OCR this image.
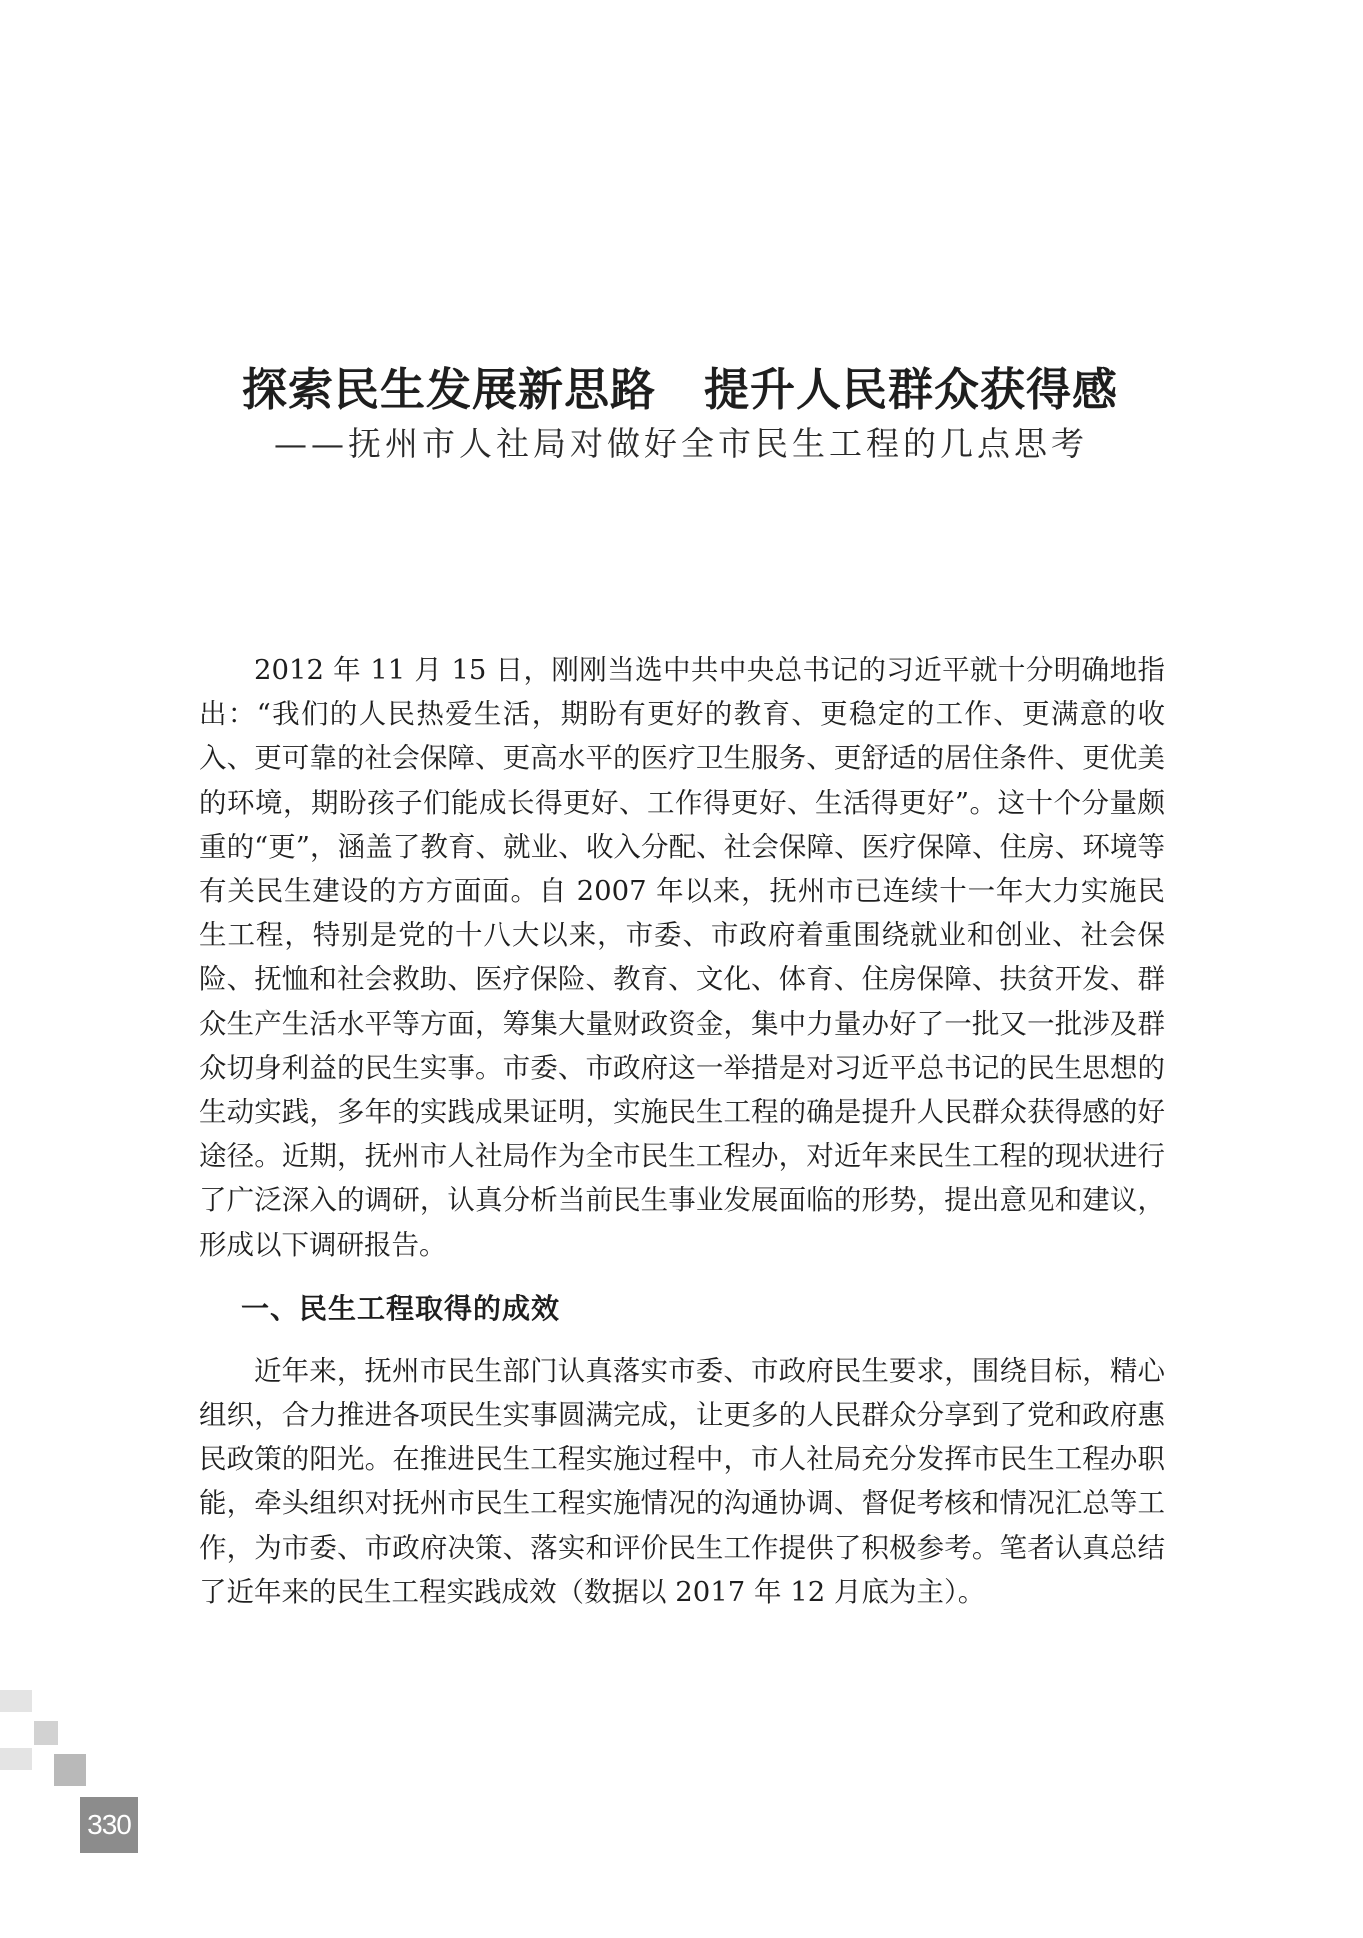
探索民生发展新思路 提升人民群众获得感

——抚州市人社局对做好全市民生工程的几点思考

2012 年 11 月 15 日，刚刚当选中共中央总书记的习近平就十分明确地指出：“我们的人民热爱生活，期盼有更好的教育、更稳定的工作、更满意的收入、更可靠的社会保障、更高水平的医疗卫生服务、更舒适的居住条件、更优美的环境，期盼孩子们能成长得更好、工作得更好、生活得更好”。这十个分量颇重的“更”，涵盖了教育、就业、收入分配、社会保障、医疗保障、住房、环境等有关民生建设的方方面面。自 2007 年以来，抚州市已连续十一年大力实施民生工程，特别是党的十八大以来，市委、市政府着重围绕就业和创业、社会保险、抚恤和社会救助、医疗保险、教育、文化、体育、住房保障、扶贫开发、群众生产生活水平等方面，筹集大量财政资金，集中力量办好了一批又一批涉及群众切身利益的民生实事。市委、市政府这一举措是对习近平总书记的民生思想的生动实践，多年的实践成果证明，实施民生工程的确是提升人民群众获得感的好途径。近期，抚州市人社局作为全市民生工程办，对近年来民生工程的现状进行了广泛深入的调研，认真分析当前民生事业发展面临的形势，提出意见和建议，形成以下调研报告。

一、民生工程取得的成效

近年来，抚州市民生部门认真落实市委、市政府民生要求，围绕目标，精心组织，合力推进各项民生实事圆满完成，让更多的人民群众分享到了党和政府惠民政策的阳光。在推进民生工程实施过程中，市人社局充分发挥市民生工程办职能，牵头组织对抚州市民生工程实施情况的沟通协调、督促考核和情况汇总等工作，为市委、市政府决策、落实和评价民生工作提供了积极参考。笔者认真总结了近年来的民生工程实践成效（数据以 2017 年 12 月底为主）。

330
